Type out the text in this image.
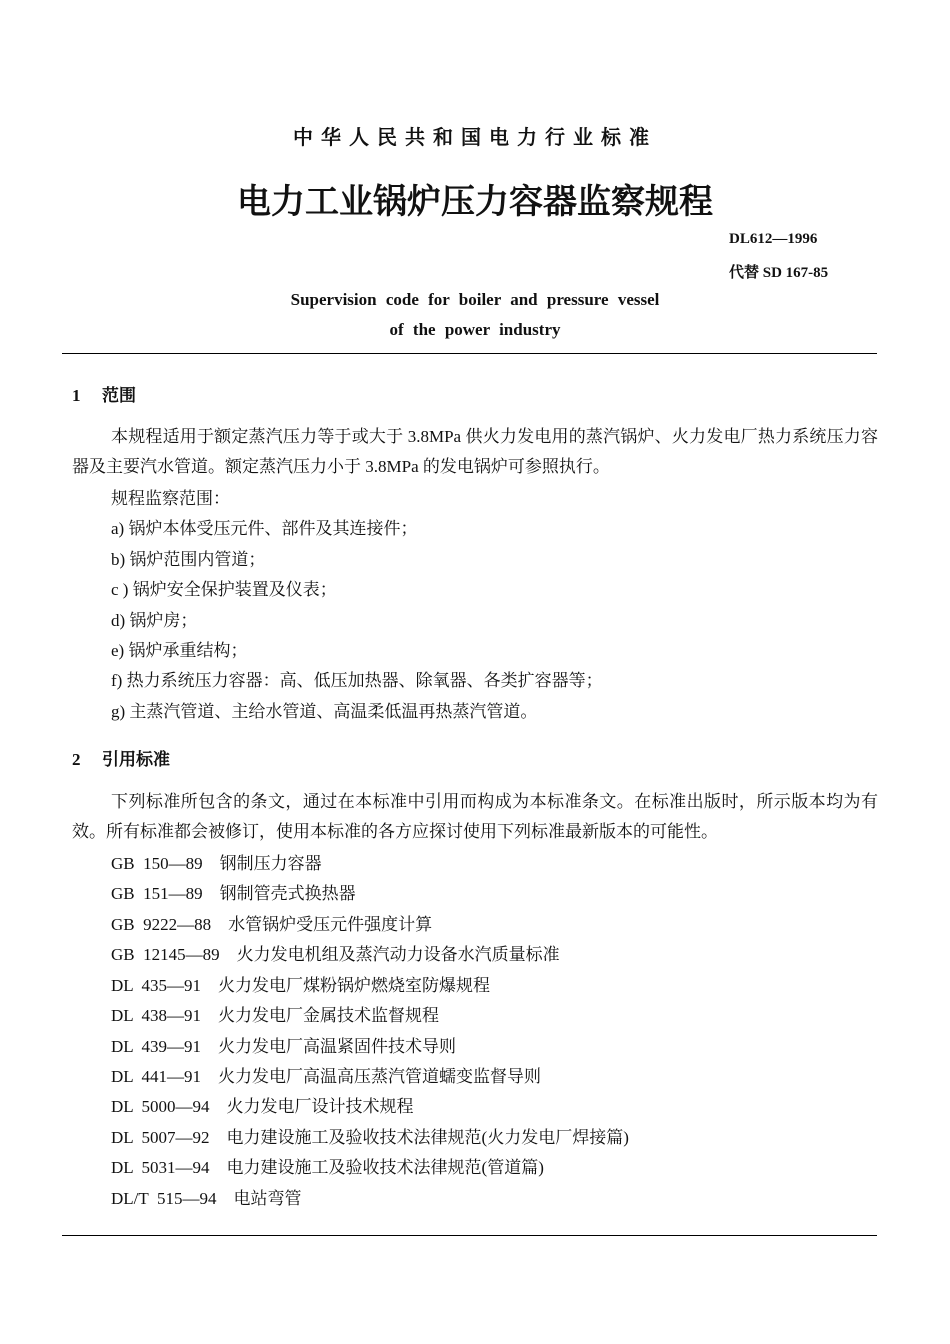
中华人民共和国电力行业标准
电力工业锅炉压力容器监察规程
DL612—1996
代替 SD 167-85
Supervision code for boiler and pressure vessel
of the power industry
1 范围
本规程适用于额定蒸汽压力等于或大于 3.8MPa 供火力发电用的蒸汽锅炉、火力发电厂热力系统压力容器及主要汽水管道。额定蒸汽压力小于 3.8MPa 的发电锅炉可参照执行。
规程监察范围：
a) 锅炉本体受压元件、部件及其连接件；
b) 锅炉范围内管道；
c ) 锅炉安全保护装置及仪表；
d) 锅炉房；
e) 锅炉承重结构；
f) 热力系统压力容器：高、低压加热器、除氧器、各类扩容器等；
g) 主蒸汽管道、主给水管道、高温柔低温再热蒸汽管道。
2 引用标准
下列标准所包含的条文，通过在本标准中引用而构成为本标准条文。在标准出版时，所示版本均为有效。所有标准都会被修订，使用本标准的各方应探讨使用下列标准最新版本的可能性。
GB  150—89 钢制压力容器
GB  151—89 钢制管壳式换热器
GB  9222—88 水管锅炉受压元件强度计算
GB  12145—89 火力发电机组及蒸汽动力设备水汽质量标准
DL  435—91 火力发电厂煤粉锅炉燃烧室防爆规程
DL  438—91 火力发电厂金属技术监督规程
DL  439—91 火力发电厂高温紧固件技术导则
DL  441—91 火力发电厂高温高压蒸汽管道蠕变监督导则
DL  5000—94 火力发电厂设计技术规程
DL  5007—92 电力建设施工及验收技术法律规范(火力发电厂焊接篇)
DL  5031—94 电力建设施工及验收技术法律规范(管道篇)
DL/T  515—94 电站弯管
